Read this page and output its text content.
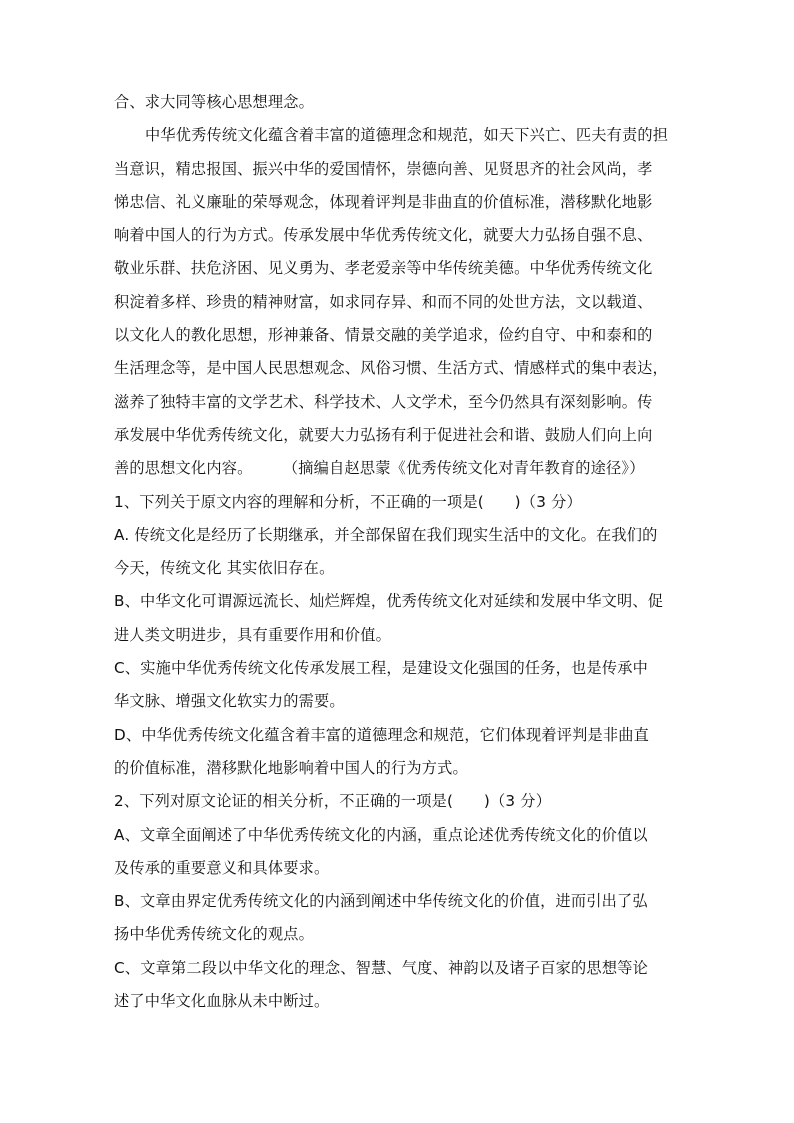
合、求大同等核心思想理念。
中华优秀传统文化蕴含着丰富的道德理念和规范，如天下兴亡、匹夫有责的担
当意识，精忠报国、振兴中华的爱国情怀，崇德向善、见贤思齐的社会风尚，孝
悌忠信、礼义廉耻的荣辱观念，体现着评判是非曲直的价值标准，潜移默化地影
响着中国人的行为方式。传承发展中华优秀传统文化，就要大力弘扬自强不息、
敬业乐群、扶危济困、见义勇为、孝老爱亲等中华传统美德。中华优秀传统文化
积淀着多样、珍贵的精神财富，如求同存异、和而不同的处世方法，文以载道、
以文化人的教化思想，形神兼备、情景交融的美学追求，俭约自守、中和泰和的
生活理念等，是中国人民思想观念、风俗习惯、生活方式、情感样式的集中表达，
滋养了独特丰富的文学艺术、科学技术、人文学术，至今仍然具有深刻影响。传
承发展中华优秀传统文化，就要大力弘扬有利于促进社会和谐、鼓励人们向上向
善的思想文化内容。	（摘编自赵思蒙《优秀传统文化对青年教育的途径》）
1、下列关于原文内容的理解和分析，不正确的一项是(　　)（3 分）
A. 传统文化是经历了长期继承，并全部保留在我们现实生活中的文化。在我们的
今天，传统文化 其实依旧存在。
B、中华文化可谓源远流长、灿烂辉煌，优秀传统文化对延续和发展中华文明、促
进人类文明进步，具有重要作用和价值。
C、实施中华优秀传统文化传承发展工程，是建设文化强国的任务，也是传承中
华文脉、增强文化软实力的需要。
D、中华优秀传统文化蕴含着丰富的道德理念和规范，它们体现着评判是非曲直
的价值标准，潜移默化地影响着中国人的行为方式。
2、下列对原文论证的相关分析，不正确的一项是(　　)（3 分）
A、文章全面阐述了中华优秀传统文化的内涵，重点论述优秀传统文化的价值以
及传承的重要意义和具体要求。
B、文章由界定优秀传统文化的内涵到阐述中华传统文化的价值，进而引出了弘
扬中华优秀传统文化的观点。
C、文章第二段以中华文化的理念、智慧、气度、神韵以及诸子百家的思想等论
述了中华文化血脉从未中断过。
